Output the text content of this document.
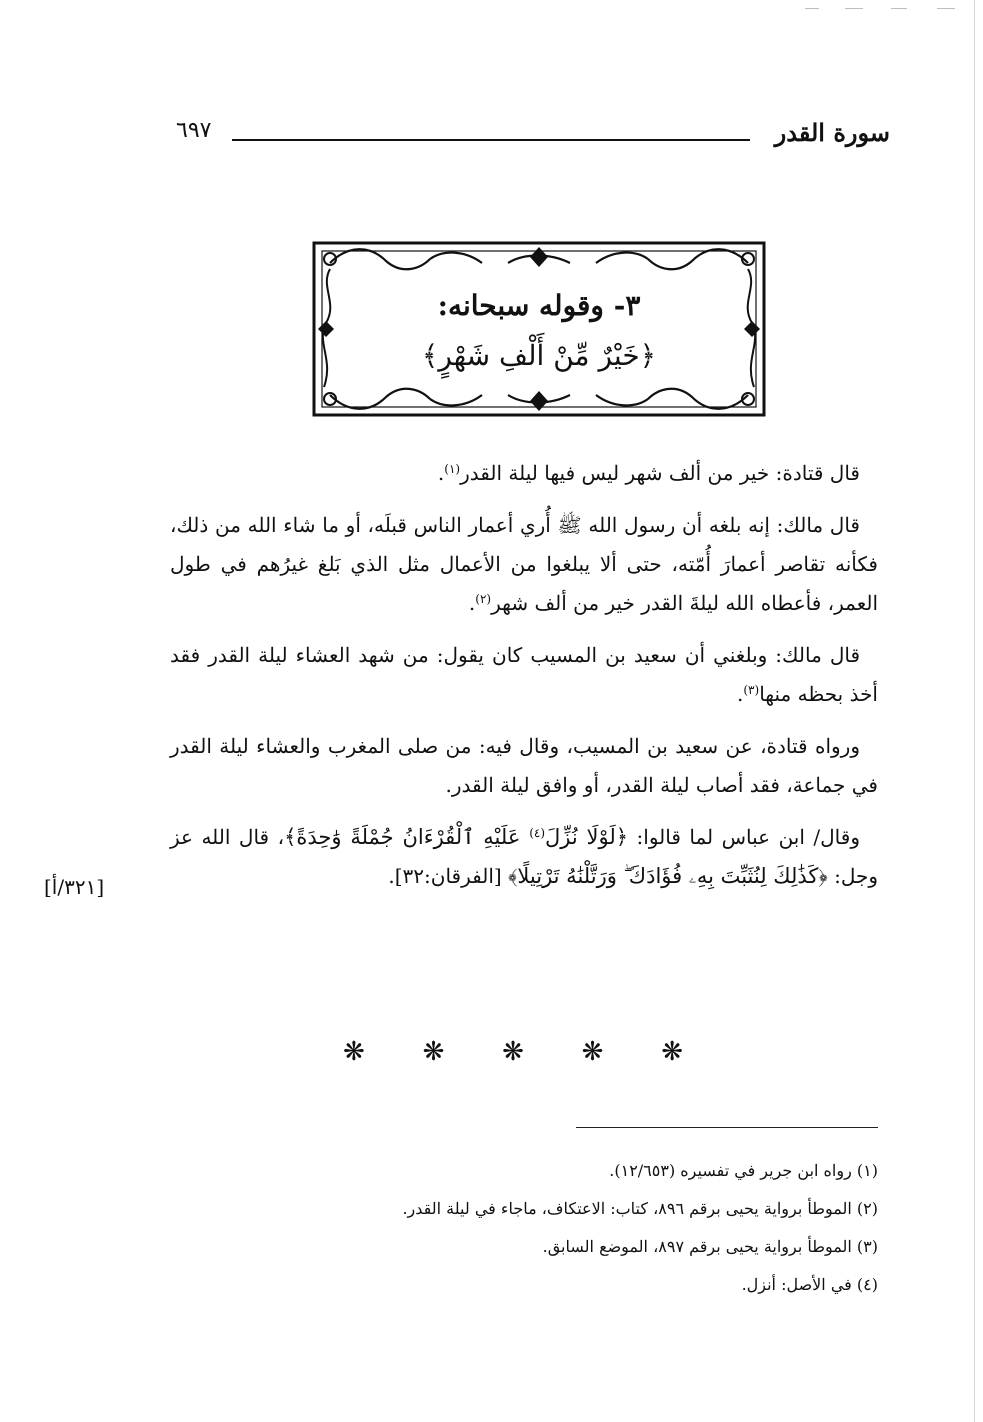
سورة القدر
٦٩٧
٣- وقوله سبحانه:
﴿خَيْرٌ مِّنْ أَلْفِ شَهْرٍ﴾

قال قتادة: خير من ألف شهر ليس فيها ليلة القدر$^{(١)}$.

قال مالك: إنه بلغه أن رسول الله ﷺ أُري أعمار الناس قبلَه، أو ما شاء الله من ذلك، فكأنه تقاصر أعمارَ أُمّته، حتى ألا يبلغوا من الأعمال مثل الذي بَلغ غيرُهم في طول العمر، فأعطاه الله ليلةَ القدر خير من ألف شهر$^{(٢)}$.

قال مالك: وبلغني أن سعيد بن المسيب كان يقول: من شهد العشاء ليلة القدر فقد أخذ بحظه منها$^{(٣)}$.

ورواه قتادة، عن سعيد بن المسيب، وقال فيه: من صلى المغرب والعشاء ليلة القدر في جماعة، فقد أصاب ليلة القدر، أو وافق ليلة القدر.

وقال/ ابن عباس لما قالوا: ﴿لَوْلَا نُزِّلَ$^{(٤)}$ عَلَيْهِ ٱلْقُرْءَانُ جُمْلَةً وَٰحِدَةً﴾، قال الله عز وجل: ﴿كَذَٰلِكَ لِنُثَبِّتَ بِهِۦ فُؤَادَكَ ۖ وَرَتَّلْنَٰهُ تَرْتِيلًا﴾ [الفرقان:٣٢].

[٣٢١/أ]
❋
❋
❋
❋
❋
(١) رواه ابن جرير في تفسيره (١٢/٦٥٣).
(٢) الموطأ برواية يحيى برقم ٨٩٦، كتاب: الاعتكاف، ماجاء في ليلة القدر.
(٣) الموطأ برواية يحيى برقم ٨٩٧، الموضع السابق.
(٤) في الأصل: أنزل.
